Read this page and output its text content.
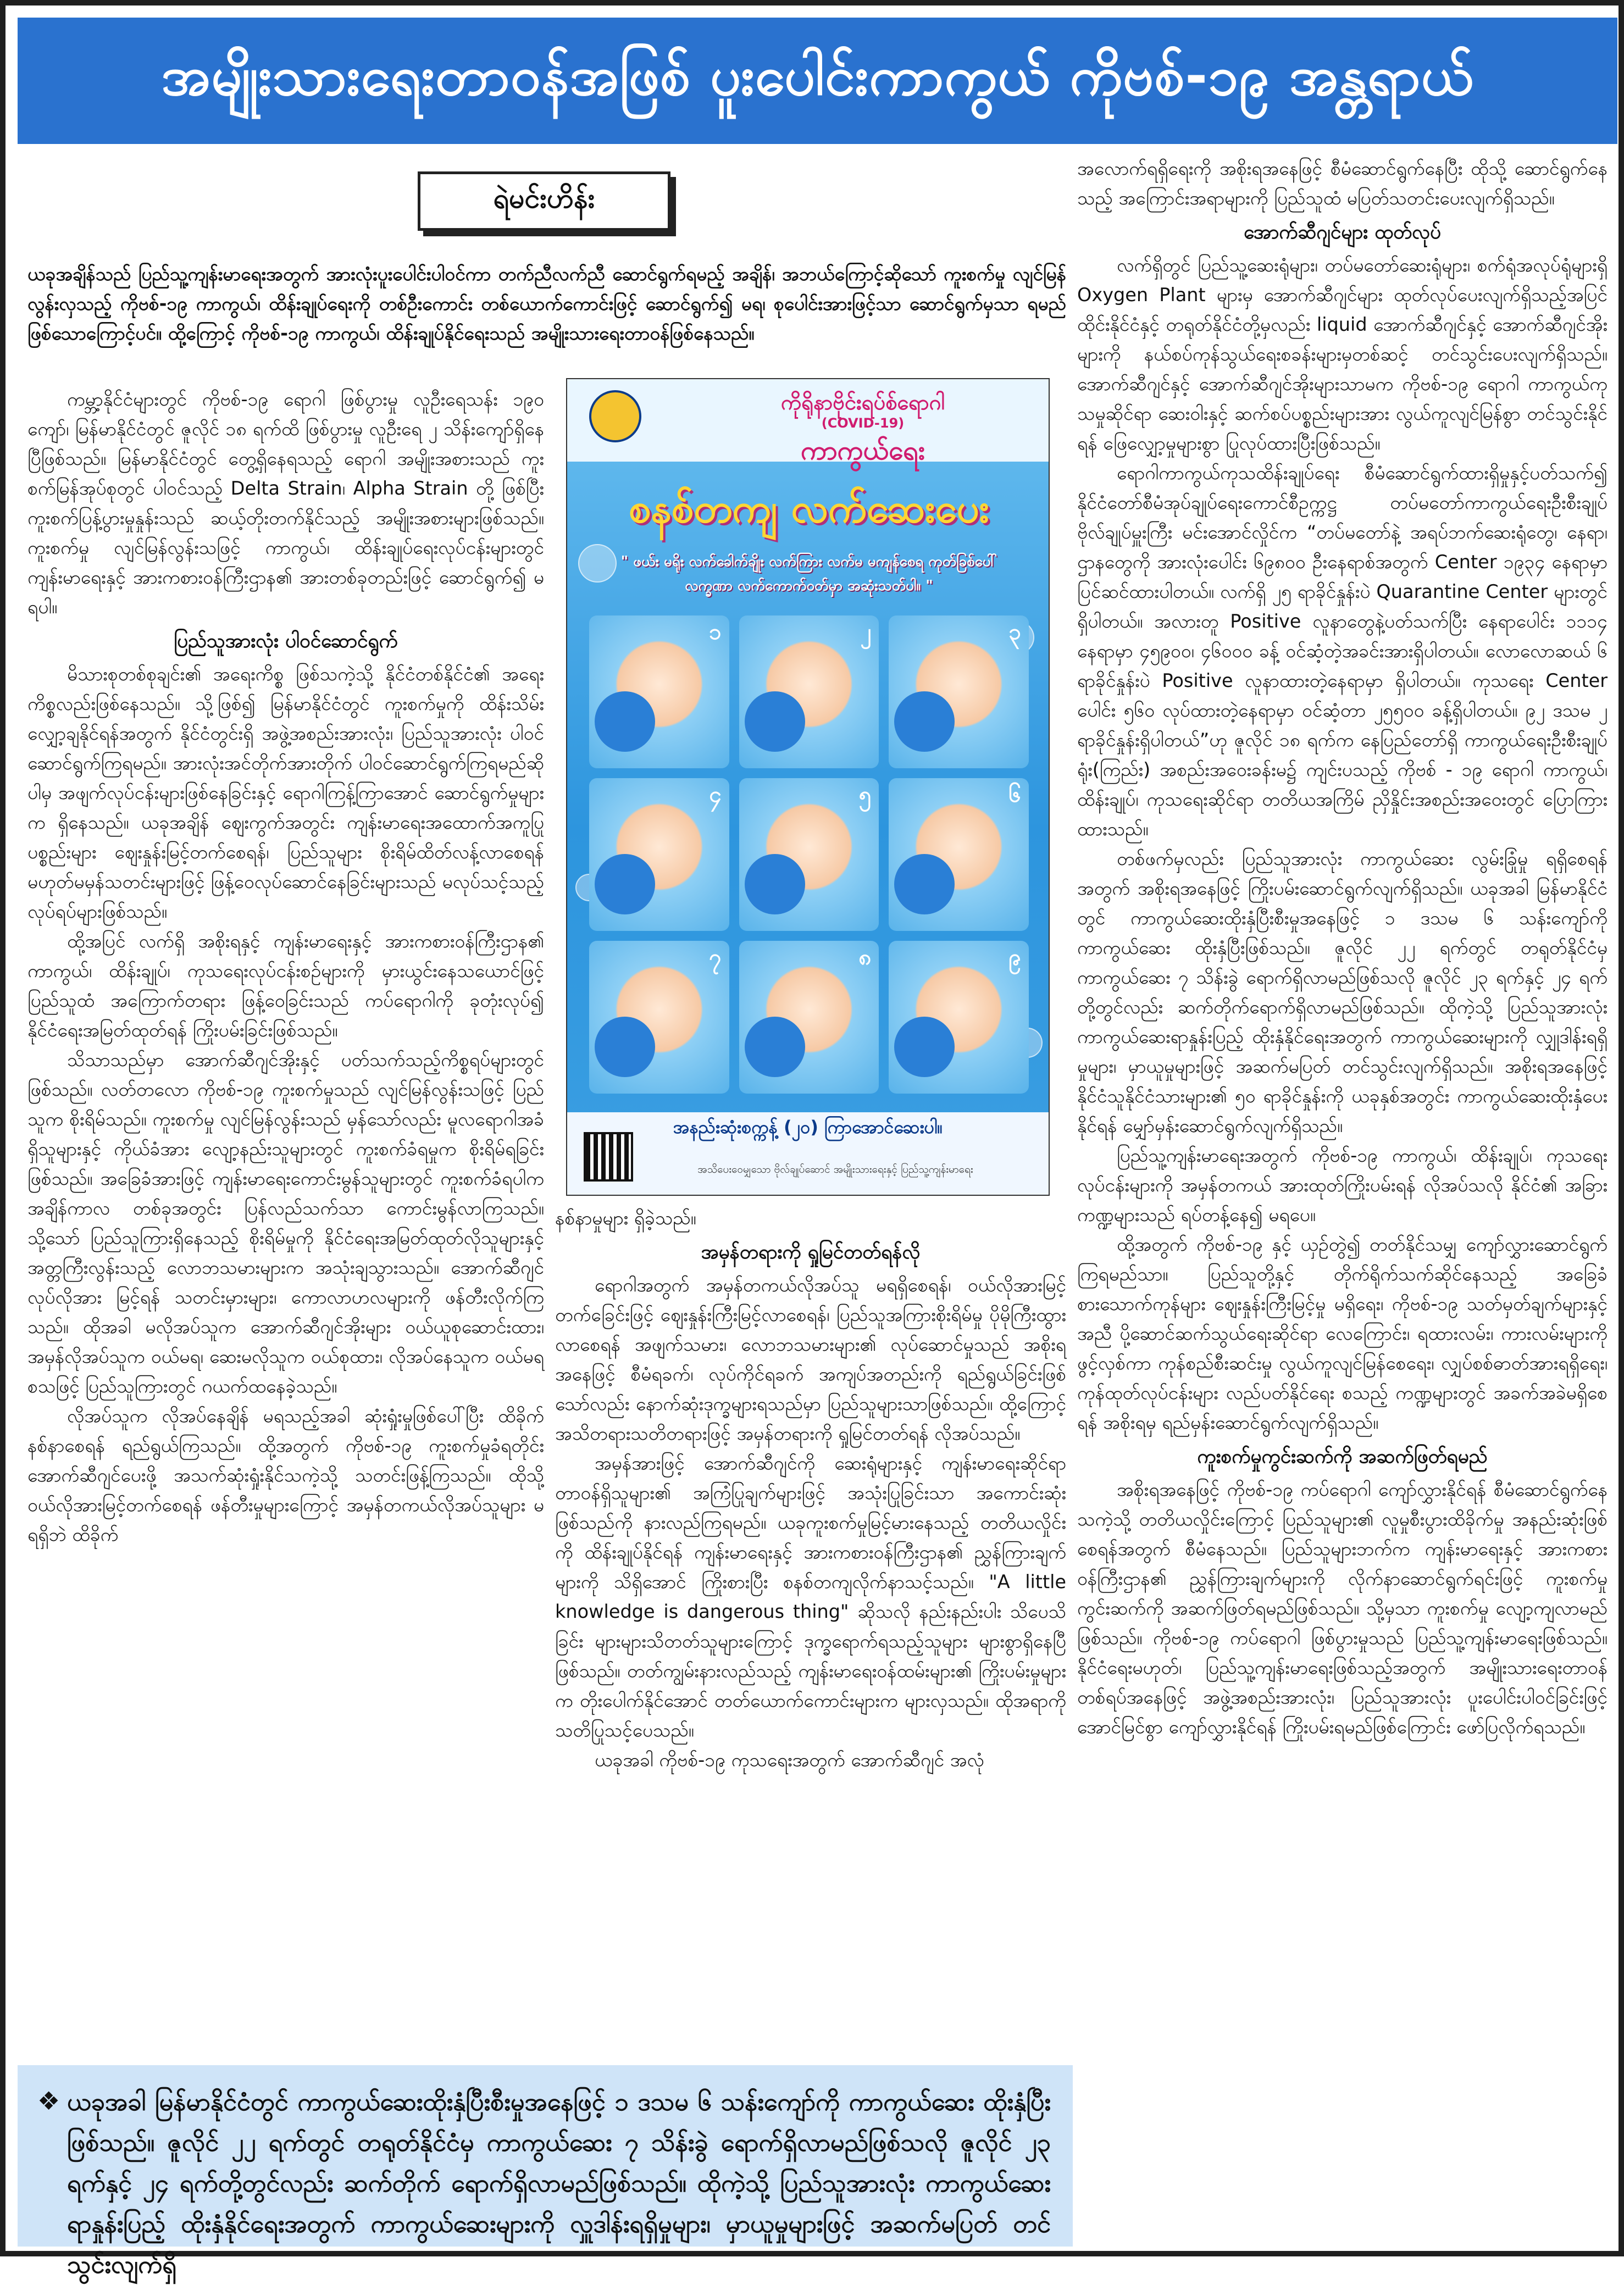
အမျိုးသားရေးတာဝန်အဖြစ် ပူးပေါင်းကာကွယ် ကိုဗစ်-၁၉ အန္တရာယ်
ရဲမင်းဟိန်း

ယခုအချိန်သည် ပြည်သူ့ကျန်းမာရေးအတွက် အားလုံးပူးပေါင်းပါဝင်ကာ တက်ညီလက်ညီ ဆောင်ရွက်ရမည့် အချိန်၊ အဘယ်ကြောင့်ဆိုသော် ကူးစက်မှု လျင်မြန်လွန်းလှသည့် ကိုဗစ်-၁၉ ကာကွယ်၊ ထိန်းချုပ်ရေးကို တစ်ဦးကောင်း တစ်ယောက်ကောင်းဖြင့် ဆောင်ရွက်၍ မရ၊ စုပေါင်းအားဖြင့်သာ ဆောင်ရွက်မှသာ ရမည်ဖြစ်သောကြောင့်ပင်။ ထို့ကြောင့် ကိုဗစ်-၁၉ ကာကွယ်၊ ထိန်းချုပ်နိုင်ရေးသည် အမျိုးသားရေးတာဝန်ဖြစ်နေသည်။

ကမ္ဘာ့နိုင်ငံများတွင် ကိုဗစ်-၁၉ ရောဂါ ဖြစ်ပွားမှု လူဦးရေသန်း ၁၉၀ ကျော်၊ မြန်မာနိုင်ငံတွင် ဇူလိုင် ၁၈ ရက်ထိ ဖြစ်ပွားမှု လူဦးရေ ၂ သိန်းကျော်ရှိနေပြီဖြစ်သည်။ မြန်မာနိုင်ငံတွင် တွေ့ရှိနေရသည့် ရောဂါ အမျိုးအစားသည် ကူးစက်မြန်အုပ်စုတွင် ပါဝင်သည့် Delta Strain၊ Alpha Strain တို့ ဖြစ်ပြီး ကူးစက်ပြန့်ပွားမှုနှုန်းသည် ဆယ့်တိုးတက်နိုင်သည့် အမျိုးအစားများဖြစ်သည်။ ကူးစက်မှု လျင်မြန်လွန်းသဖြင့် ကာကွယ်၊ ထိန်းချုပ်ရေးလုပ်ငန်းများတွင် ကျန်းမာရေးနှင့် အားကစားဝန်ကြီးဌာန၏ အားတစ်ခုတည်းဖြင့် ဆောင်ရွက်၍ မရပါ။

ပြည်သူအားလုံး ပါဝင်ဆောင်ရွက်

မိသားစုတစ်စုချင်း၏ အရေးကိစ္စ ဖြစ်သကဲ့သို့ နိုင်ငံတစ်နိုင်ငံ၏ အရေးကိစ္စလည်းဖြစ်နေသည်။ သို့ဖြစ်၍ မြန်မာနိုင်ငံတွင် ကူးစက်မှုကို ထိန်းသိမ်းလျှော့ချနိုင်ရန်အတွက် နိုင်ငံတွင်းရှိ အဖွဲ့အစည်းအားလုံး၊ ပြည်သူအားလုံး ပါဝင်ဆောင်ရွက်ကြရမည်။ အားလုံးအင်တိုက်အားတိုက် ပါဝင်ဆောင်ရွက်ကြရမည်ဆိုပါမှ အဖျက်လုပ်ငန်းများဖြစ်နေခြင်းနှင့် ရောဂါကြန့်ကြာအောင် ဆောင်ရွက်မှုများက ရှိနေသည်။ ယခုအချိန် ဈေးကွက်အတွင်း ကျန်းမာရေးအထောက်အကူပြုပစ္စည်းများ ဈေးနှုန်းမြင့်တက်စေရန်၊ ပြည်သူများ စိုးရိမ်ထိတ်လန့်လာစေရန် မဟုတ်မမှန်သတင်းများဖြင့် ဖြန့်ဝေလုပ်ဆောင်နေခြင်းများသည် မလုပ်သင့်သည့် လုပ်ရပ်များဖြစ်သည်။

ထို့အပြင် လက်ရှိ အစိုးရနှင့် ကျန်းမာရေးနှင့် အားကစားဝန်ကြီးဌာန၏ ကာကွယ်၊ ထိန်းချုပ်၊ ကုသရေးလုပ်ငန်းစဉ်များကို မှားယွင်းနေသယောင်ဖြင့် ပြည်သူထံ အကြောက်တရား ဖြန့်ဝေခြင်းသည် ကပ်ရောဂါကို ခုတုံးလုပ်၍ နိုင်ငံရေးအမြတ်ထုတ်ရန် ကြိုးပမ်းခြင်းဖြစ်သည်။

သိသာသည်မှာ အောက်ဆီဂျင်အိုးနှင့် ပတ်သက်သည့်ကိစ္စရပ်များတွင် ဖြစ်သည်။ လတ်တလော ကိုဗစ်-၁၉ ကူးစက်မှုသည် လျင်မြန်လွန်းသဖြင့် ပြည်သူက စိုးရိမ်သည်။ ကူးစက်မှု လျင်မြန်လွန်းသည် မှန်သော်လည်း မူလရောဂါအခံရှိသူများနှင့် ကိုယ်ခံအား လျော့နည်းသူများတွင် ကူးစက်ခံရမှုက စိုးရိမ်ရခြင်းဖြစ်သည်။ အခြေခံအားဖြင့် ကျန်းမာရေးကောင်းမွန်သူများတွင် ကူးစက်ခံရပါက အချိန်ကာလ တစ်ခုအတွင်း ပြန်လည်သက်သာ ကောင်းမွန်လာကြသည်။ သို့သော် ပြည်သူကြားရှိနေသည့် စိုးရိမ်မှုကို နိုင်ငံရေးအမြတ်ထုတ်လိုသူများနှင့် အတ္တကြီးလွန်းသည့် လောဘသမားများက အသုံးချသွားသည်။ အောက်ဆီဂျင်လုပ်လိုအား မြင့်ရန် သတင်းမှားများ၊ ကောလာဟလများကို ဖန်တီးလိုက်ကြသည်။ ထိုအခါ မလိုအပ်သူက အောက်ဆီဂျင်အိုးများ ဝယ်ယူစုဆောင်းထား၊ အမှန်လိုအပ်သူက ဝယ်မရ၊ ဆေးမလိုသူက ဝယ်စုထား၊ လိုအပ်နေသူက ဝယ်မရ စသဖြင့် ပြည်သူကြားတွင် ဂယက်ထနေခဲ့သည်။

လိုအပ်သူက လိုအပ်နေချိန် မရသည့်အခါ ဆုံးရှုံးမှုဖြစ်ပေါ်ပြီး ထိခိုက်နစ်နာစေရန် ရည်ရွယ်ကြသည်။ ထို့အတွက် ကိုဗစ်-၁၉ ကူးစက်မှုခံရတိုင်း အောက်ဆီဂျင်ပေးဖို့ အသက်ဆုံးရှုံးနိုင်သကဲ့သို့ သတင်းဖြန့်ကြသည်။ ထိုသို့ ဝယ်လိုအားမြင့်တက်စေရန် ဖန်တီးမှုများကြောင့် အမှန်တကယ်လိုအပ်သူများ မရရှိဘဲ ထိခိုက်

ကိုရိုနာဗိုင်းရပ်စ်ရောဂါ
(COVID-19)
ကာကွယ်ရေး
စနစ်တကျ လက်ဆေးပေး
" ဖယ်း မရိုး လက်ခေါက်ချိုး လက်ကြား လက်မ မကျန်စေရ ကုတ်ခြစ်ပေါ်လက္ခဏာ လက်ကောက်ဝတ်မှာ အဆုံးသတ်ပါ။ "
၁	၂	၃
၄	၅	၆
၇	၈	၉
အနည်းဆုံးစက္ကန့် (၂၀) ကြာအောင်ဆေးပါ။
အသိပေးဝေမျှသော ဗိုလ်ချုပ်ဆောင် အမျိုးသားရေးနှင့် ပြည်သူ့ကျန်းမာရေး

နစ်နာမှုများ ရှိခဲ့သည်။

အမှန်တရားကို ရှုမြင်တတ်ရန်လို

ရောဂါအတွက် အမှန်တကယ်လိုအပ်သူ မရရှိစေရန်၊ ဝယ်လိုအားမြင့်တက်ခြေင်းဖြင့် ဈေးနှုန်းကြီးမြင့်လာစေရန်၊ ပြည်သူအကြားစိုးရိမ်မှု ပိုမိုကြီးထွားလာစေရန် အဖျက်သမား၊ လောဘသမားများ၏ လုပ်ဆောင်မှုသည် အစိုးရအနေဖြင့် စီမံရခက်၊ လုပ်ကိုင်ရခက် အကျပ်အတည်းကို ရည်ရွယ်ခြင်းဖြစ်သော်လည်း နောက်ဆုံးဒုက္ခများရသည်မှာ ပြည်သူများသာဖြစ်သည်။ ထို့ကြောင့် အသိတရားသတိတရားဖြင့် အမှန်တရားကို ရှုမြင်တတ်ရန် လိုအပ်သည်။

အမှန်အားဖြင့် အောက်ဆီဂျင်ကို ဆေးရုံများနှင့် ကျန်းမာရေးဆိုင်ရာ တာဝန်ရှိသူများ၏ အကြံပြုချက်များဖြင့် အသုံးပြုခြင်းသာ အကောင်းဆုံးဖြစ်သည်ကို နားလည်ကြရမည်။ ယခုကူးစက်မှုမြင့်မားနေသည့် တတိယလှိုင်းကို ထိန်းချုပ်နိုင်ရန် ကျန်းမာရေးနှင့် အားကစားဝန်ကြီးဌာန၏ ညွှန်ကြားချက်များကို သိရှိအောင် ကြိုးစားပြီး စနစ်တကျလိုက်နာသင့်သည်။ "A little knowledge is dangerous thing" ဆိုသလို နည်းနည်းပါး သိပေသိခြင်း များများသိတတ်သူများကြောင့် ဒုက္ခရောက်ရသည့်သူများ များစွာရှိနေပြီဖြစ်သည်။ တတ်ကျွမ်းနားလည်သည့် ကျန်းမာရေးဝန်ထမ်းများ၏ ကြိုးပမ်းမှုများက တိုးပေါက်နိုင်အောင် တတ်ယောက်ကောင်းများက များလှသည်။ ထိုအရာကို သတိပြုသင့်ပေသည်။

ယခုအခါ ကိုဗစ်-၁၉ ကုသရေးအတွက် အောက်ဆီဂျင် အလုံ

အလောက်ရရှိရေးကို အစိုးရအနေဖြင့် စီမံဆောင်ရွက်နေပြီး ထိုသို့ ဆောင်ရွက်နေသည့် အကြောင်းအရာများကို ပြည်သူထံ မပြတ်သတင်းပေးလျက်ရှိသည်။

အောက်ဆီဂျင်များ ထုတ်လုပ်

လက်ရှိတွင် ပြည်သူ့ဆေးရုံများ၊ တပ်မတော်ဆေးရုံများ၊ စက်ရုံအလုပ်ရုံများရှိ Oxygen Plant များမှ အောက်ဆီဂျင်များ ထုတ်လုပ်ပေးလျက်ရှိသည့်အပြင် ထိုင်းနိုင်ငံနှင့် တရုတ်နိုင်ငံတို့မှလည်း liquid အောက်ဆီဂျင်နှင့် အောက်ဆီဂျင်အိုးများကို နယ်စပ်ကုန်သွယ်ရေးစခန်းများမှတစ်ဆင့် တင်သွင်းပေးလျက်ရှိသည်။ အောက်ဆီဂျင်နှင့် အောက်ဆီဂျင်အိုးများသာမက ကိုဗစ်-၁၉ ရောဂါ ကာကွယ်ကုသမှုဆိုင်ရာ ဆေးဝါးနှင့် ဆက်စပ်ပစ္စည်းများအား လွယ်ကူလျင်မြန်စွာ တင်သွင်းနိုင်ရန် ဖြေလျှော့မှုများစွာ ပြုလုပ်ထားပြီးဖြစ်သည်။

ရောဂါကာကွယ်ကုသထိန်းချုပ်ရေး စီမံဆောင်ရွက်ထားရှိမှုနှင့်ပတ်သက်၍ နိုင်ငံတော်စီမံအုပ်ချုပ်ရေးကောင်စီဥက္ကဋ္ဌ တပ်မတော်ကာကွယ်ရေးဦးစီးချုပ် ဗိုလ်ချုပ်မှူးကြီး မင်းအောင်လှိုင်က “တပ်မတော်နဲ့ အရပ်ဘက်ဆေးရုံတွေ၊ နေရာ၊ ဌာနတွေကို အားလုံးပေါင်း ၆၉၈၀၀ ဦးနေရာစ်အတွက် Center ၁၉၃၄ နေရာမှာ ပြင်ဆင်ထားပါတယ်။ လက်ရှိ ၂၅ ရာခိုင်နှုန်းပဲ Quarantine Center များတွင် ရှိပါတယ်။ အလားတူ Positive လူနာတွေနဲ့ပတ်သက်ပြီး နေရာပေါင်း ၁၁၁၄ နေရာမှာ ၄၅၉၀၀၊ ၄၆၀၀၀ ခန့် ဝင်ဆံ့တဲ့အခင်းအားရှိပါတယ်။ လောလောဆယ် ၆ ရာခိုင်နှုန်းပဲ Positive လူနာထားတဲ့နေရာမှာ ရှိပါတယ်။ ကုသရေး Center ပေါင်း ၅၆၀ လုပ်ထားတဲ့နေရာမှာ ဝင်ဆံ့တာ ၂၅၅၀၀ ခန့်ရှိပါတယ်။ ၉၂ ဒသမ ၂ ရာခိုင်နှုန်းရှိပါတယ်”ဟု ဇူလိုင် ၁၈ ရက်က နေပြည်တော်ရှိ ကာကွယ်ရေးဦးစီးချုပ်ရုံး(ကြည်း) အစည်းအဝေးခန်းမ၌ ကျင်းပသည့် ကိုဗစ် - ၁၉ ရောဂါ ကာကွယ်၊ ထိန်းချုပ်၊ ကုသရေးဆိုင်ရာ တတိယအကြိမ် ညှိနှိုင်းအစည်းအဝေးတွင် ပြောကြားထားသည်။

တစ်ဖက်မှလည်း ပြည်သူအားလုံး ကာကွယ်ဆေး လွမ်းခြုံမှု ရရှိစေရန်အတွက် အစိုးရအနေဖြင့် ကြိုးပမ်းဆောင်ရွက်လျက်ရှိသည်။ ယခုအခါ မြန်မာနိုင်ငံတွင် ကာကွယ်ဆေးထိုးနှံပြီးစီးမှုအနေဖြင့် ၁ ဒသမ ၆ သန်းကျော်ကို ကာကွယ်ဆေး ထိုးနှံပြီးဖြစ်သည်။ ဇူလိုင် ၂၂ ရက်တွင် တရုတ်နိုင်ငံမှ ကာကွယ်ဆေး ၇ သိန်းခွဲ ရောက်ရှိလာမည်ဖြစ်သလို ဇူလိုင် ၂၃ ရက်နှင့် ၂၄ ရက်တို့တွင်လည်း ဆက်တိုက်ရောက်ရှိလာမည်ဖြစ်သည်။ ထိုကဲ့သို့ ပြည်သူအားလုံး ကာကွယ်ဆေးရာနှုန်းပြည့် ထိုးနှံနိုင်ရေးအတွက် ကာကွယ်ဆေးများကို လျှုဒါန်းရရှိမှုများ၊ မှာယူမှုများဖြင့် အဆက်မပြတ် တင်သွင်းလျက်ရှိသည်။ အစိုးရအနေဖြင့် နိုင်ငံသူနိုင်ငံသားများ၏ ၅၀ ရာခိုင်နှုန်းကို ယခုနှစ်အတွင်း ကာကွယ်ဆေးထိုးနှံပေးနိုင်ရန် မျှော်မှန်းဆောင်ရွက်လျက်ရှိသည်။

ပြည်သူ့ကျန်းမာရေးအတွက် ကိုဗစ်-၁၉ ကာကွယ်၊ ထိန်းချုပ်၊ ကုသရေးလုပ်ငန်းများကို အမှန်တကယ် အားထုတ်ကြိုးပမ်းရန် လိုအပ်သလို နိုင်ငံ၏ အခြားကဏ္ဍများသည် ရပ်တန့်နေ၍ မရပေ။

ထို့အတွက် ကိုဗစ်-၁၉ နှင့် ယှဉ်တွဲ၍ တတ်နိုင်သမျှ ကျော်လွှားဆောင်ရွက်ကြရမည်သာ။ ပြည်သူတို့နှင့် တိုက်ရိုက်သက်ဆိုင်နေသည့် အခြေခံစားသောက်ကုန်များ ဈေးနှုန်းကြီးမြင့်မှု မရှိရေး၊ ကိုဗစ်-၁၉ သတ်မှတ်ချက်များနှင့်အညီ ပို့ဆောင်ဆက်သွယ်ရေးဆိုင်ရာ လေကြောင်း၊ ရထားလမ်း၊ ကားလမ်းများကို ဖွင့်လှစ်ကာ ကုန်စည်စီးဆင်းမှု လွယ်ကူလျင်မြန်စေရေး၊ လျှပ်စစ်ဓာတ်အားရရှိရေး၊ ကုန်ထုတ်လုပ်ငန်းများ လည်ပတ်နိုင်ရေး စသည့် ကဏ္ဍများတွင် အခက်အခဲမရှိစေရန် အစိုးရမှ ရည်မှန်းဆောင်ရွက်လျက်ရှိသည်။

ကူးစက်မှုကွင်းဆက်ကို အဆက်ဖြတ်ရမည်

အစိုးရအနေဖြင့် ကိုဗစ်-၁၉ ကပ်ရောဂါ ကျော်လွှားနိုင်ရန် စီမံဆောင်ရွက်နေသကဲ့သို့ တတိယလှိုင်းကြောင့် ပြည်သူများ၏ လူမှုစီးပွားထိခိုက်မှု အနည်းဆုံးဖြစ်စေရန်အတွက် စီမံနေသည်။ ပြည်သူများဘက်က ကျန်းမာရေးနှင့် အားကစားဝန်ကြီးဌာန၏ ညွှန်ကြားချက်များကို လိုက်နာဆောင်ရွက်ရင်းဖြင့် ကူးစက်မှုကွင်းဆက်ကို အဆက်ဖြတ်ရမည်ဖြစ်သည်။ သို့မှသာ ကူးစက်မှု လျော့ကျလာမည်ဖြစ်သည်။ ကိုဗစ်-၁၉ ကပ်ရောဂါ ဖြစ်ပွားမှုသည် ပြည်သူ့ကျန်းမာရေးဖြစ်သည်။ နိုင်ငံရေးမဟုတ်၊ ပြည်သူ့ကျန်းမာရေးဖြစ်သည့်အတွက် အမျိုးသားရေးတာဝန်တစ်ရပ်အနေဖြင့် အဖွဲ့အစည်းအားလုံး၊ ပြည်သူအားလုံး ပူးပေါင်းပါဝင်ခြင်းဖြင့် အောင်မြင်စွာ ကျော်လွှားနိုင်ရန် ကြိုးပမ်းရမည်ဖြစ်ကြောင်း ဖော်ပြလိုက်ရသည်။

❖ ယခုအခါ မြန်မာနိုင်ငံတွင် ကာကွယ်ဆေးထိုးနှံပြီးစီးမှုအနေဖြင့် ၁ ဒသမ ၆ သန်းကျော်ကို ကာကွယ်ဆေး ထိုးနှံပြီးဖြစ်သည်။ ဇူလိုင် ၂၂ ရက်တွင် တရုတ်နိုင်ငံမှ ကာကွယ်ဆေး ၇ သိန်းခွဲ ရောက်ရှိလာမည်ဖြစ်သလို ဇူလိုင် ၂၃ ရက်နှင့် ၂၄ ရက်တို့တွင်လည်း ဆက်တိုက် ရောက်ရှိလာမည်ဖြစ်သည်။ ထိုကဲ့သို့ ပြည်သူအားလုံး ကာကွယ်ဆေးရာနှုန်းပြည့် ထိုးနှံနိုင်ရေးအတွက် ကာကွယ်ဆေးများကို လှူဒါန်းရရှိမှုများ၊ မှာယူမှုများဖြင့် အဆက်မပြတ် တင်သွင်းလျက်ရှိ
